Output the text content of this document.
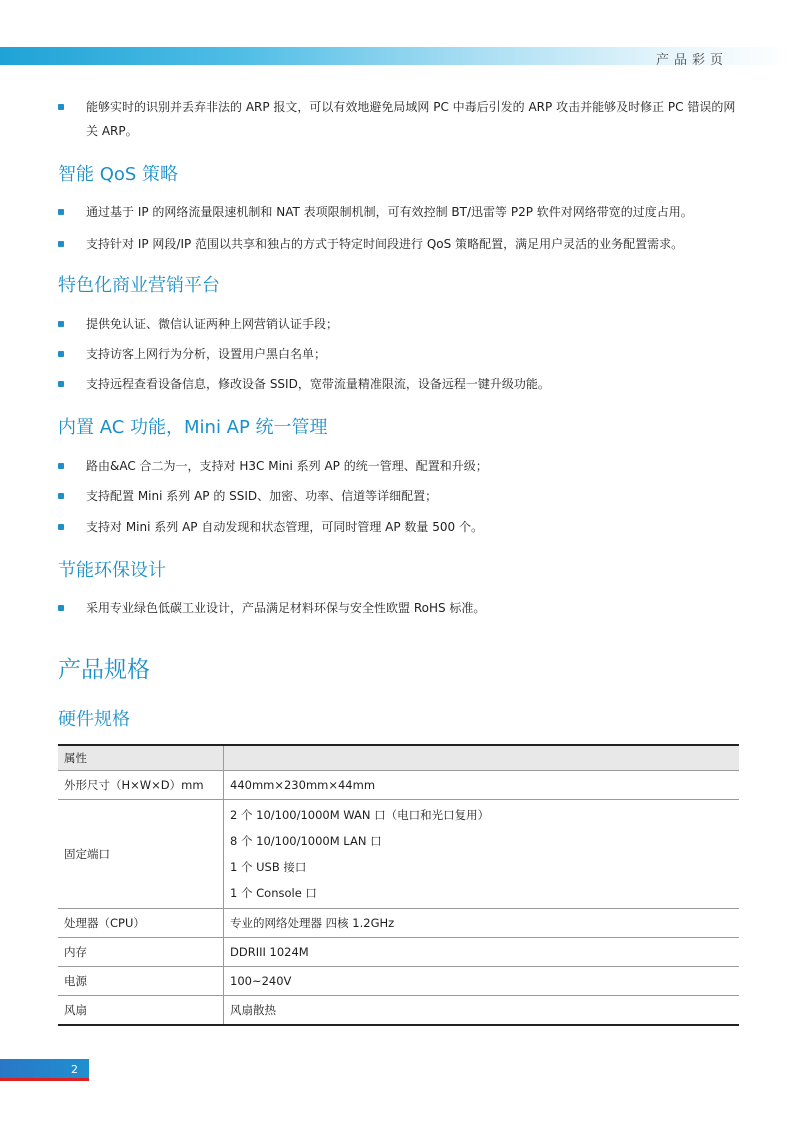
产品彩页
能够实时的识别并丢弃非法的 ARP 报文，可以有效地避免局域网 PC 中毒后引发的 ARP 攻击并能够及时修正 PC 错误的网关 ARP。
智能 QoS 策略
通过基于 IP 的网络流量限速机制和 NAT 表项限制机制，可有效控制 BT/迅雷等 P2P 软件对网络带宽的过度占用。
支持针对 IP 网段/IP 范围以共享和独占的方式于特定时间段进行 QoS 策略配置，满足用户灵活的业务配置需求。
特色化商业营销平台
提供免认证、微信认证两种上网营销认证手段；
支持访客上网行为分析，设置用户黑白名单；
支持远程查看设备信息，修改设备 SSID，宽带流量精准限流，设备远程一键升级功能。
内置 AC 功能，Mini AP 统一管理
路由&AC 合二为一，支持对 H3C Mini 系列 AP 的统一管理、配置和升级；
支持配置 Mini 系列 AP 的 SSID、加密、功率、信道等详细配置；
支持对 Mini 系列 AP 自动发现和状态管理，可同时管理 AP 数量 500 个。
节能环保设计
采用专业绿色低碳工业设计，产品满足材料环保与安全性欧盟 RoHS 标准。
产品规格
硬件规格
属性	
外形尺寸（H×W×D）mm	440mm×230mm×44mm
固定端口	2 个 10/100/1000M WAN 口（电口和光口复用）
8 个 10/100/1000M LAN 口
1 个 USB 接口
1 个 Console 口

处理器（CPU）	专业的网络处理器 四核 1.2GHz
内存	DDRIII 1024M
电源	100~240V
风扇	风扇散热
2
